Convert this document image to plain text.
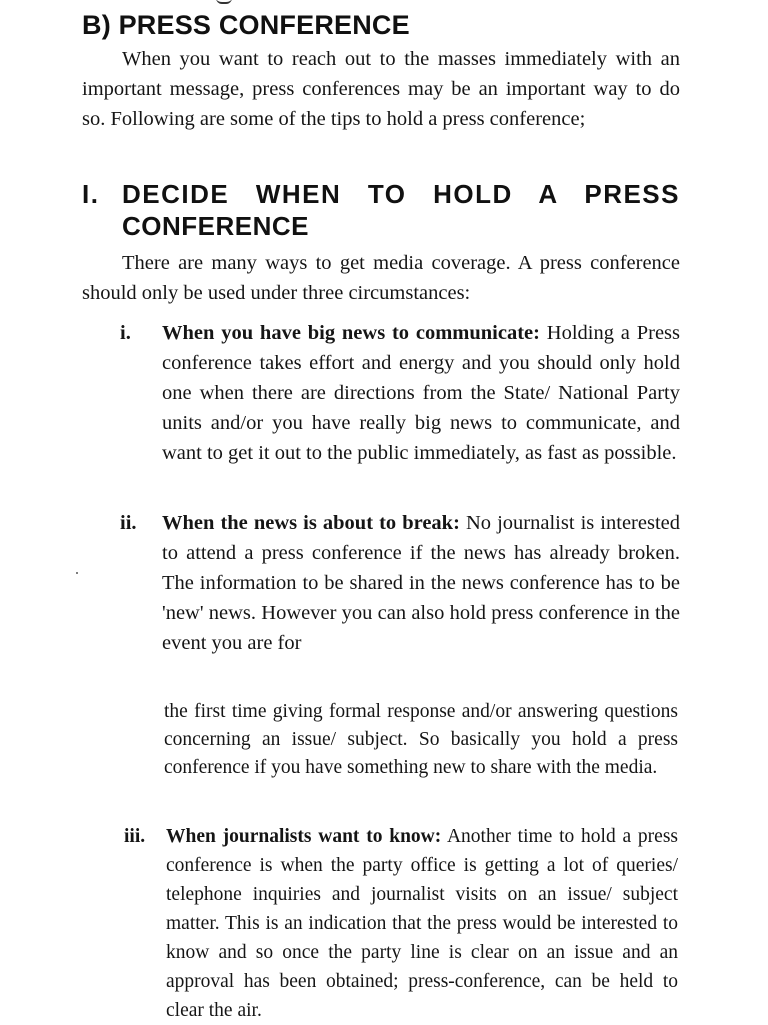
B) PRESS CONFERENCE

When you want to reach out to the masses immediately with an important message, press conferences may be an important way to do so. Following are some of the tips to hold a press conference;

I. DECIDE WHEN TO HOLD A PRESS
CONFERENCE

There are many ways to get media coverage. A press conference should only be used under three circumstances:

i. When you have big news to communicate: Holding a Press conference takes effort and energy and you should only hold one when there are directions from the State/ National Party units and/or you have really big news to communicate, and want to get it out to the public immediately, as fast as possible.

ii. When the news is about to break: No journalist is interested to attend a press conference if the news has already broken. The information to be shared in the news conference has to be 'new' news. However you can also hold press conference in the event you are for

the first time giving formal response and/or answering questions concerning an issue/ subject. So basically you hold a press conference if you have something new to share with the media.

iii. When journalists want to know: Another time to hold a press conference is when the party office is getting a lot of queries/ telephone inquiries and journalist visits on an issue/ subject matter. This is an indication that the press would be interested to know and so once the party line is clear on an issue and an approval has been obtained; press-conference, can be held to clear the air.
